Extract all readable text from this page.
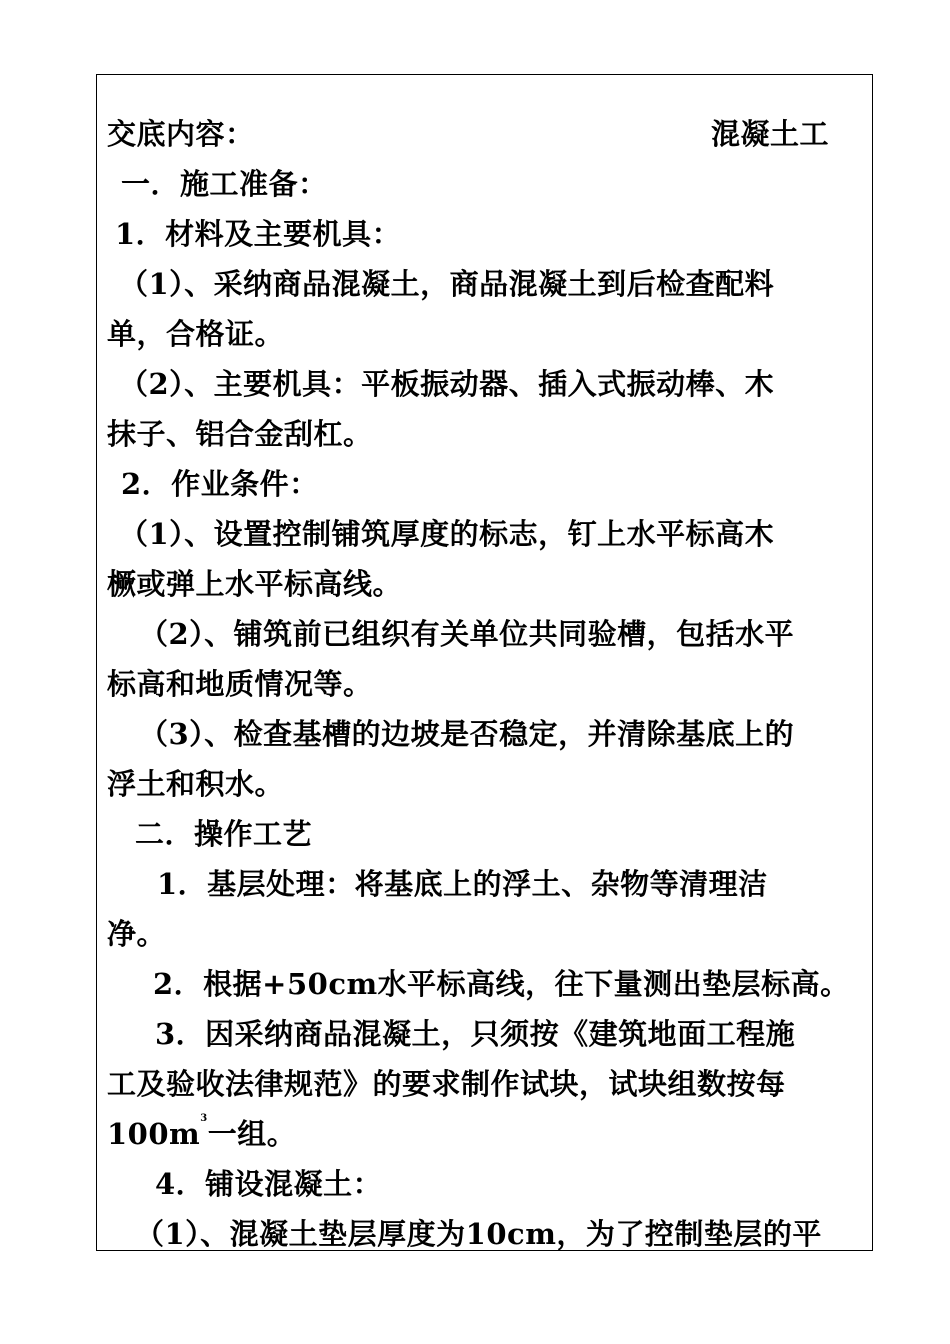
交底内容：	混凝土工
一．施工准备：
1．材料及主要机具：
（1）、采纳商品混凝土，商品混凝土到后检查配料
单，合格证。
（2）、主要机具：平板振动器、插入式振动棒、木
抹子、铝合金刮杠。
2．作业条件：
（1）、设置控制铺筑厚度的标志，钉上水平标高木
橛或弹上水平标高线。
（2）、铺筑前已组织有关单位共同验槽，包括水平
标高和地质情况等。
（3）、检查基槽的边坡是否稳定，并清除基底上的
浮土和积水。
二．操作工艺
1．基层处理：将基底上的浮土、杂物等清理洁
净。
2．根据+50cm水平标高线，往下量测出垫层标高。
3．因采纳商品混凝土，只须按《建筑地面工程施
工及验收法律规范》的要求制作试块，试块组数按每
$100m^3$一组。
4．铺设混凝土：
（1）、混凝土垫层厚度为10cm，为了控制垫层的平
